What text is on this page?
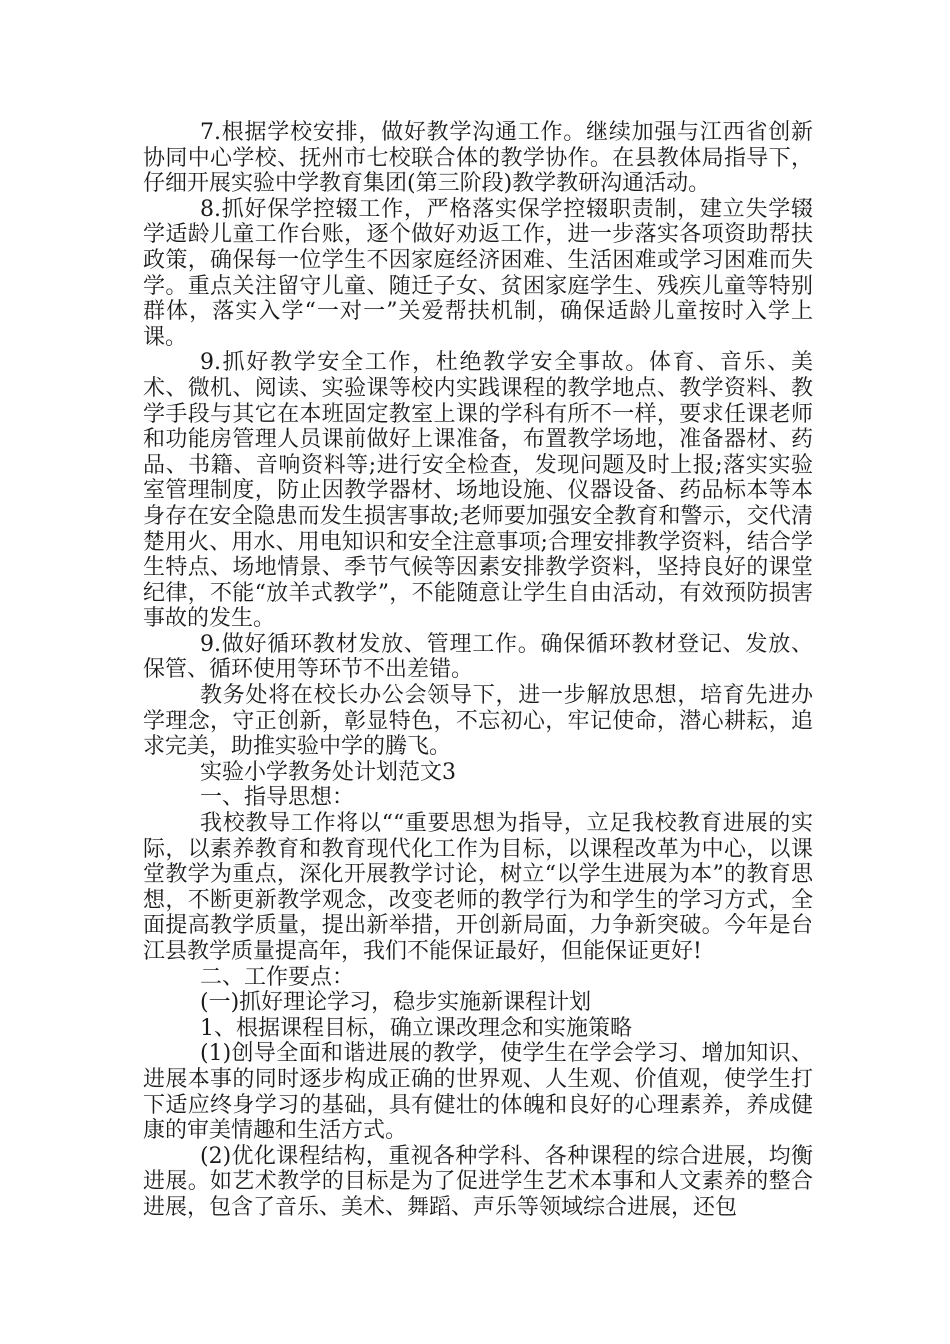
7.根据学校安排，做好教学沟通工作。继续加强与江西省创新协同中心学校、抚州市七校联合体的教学协作。在县教体局指导下，仔细开展实验中学教育集团(第三阶段)教学教研沟通活动。

8.抓好保学控辍工作，严格落实保学控辍职责制，建立失学辍学适龄儿童工作台账，逐个做好劝返工作，进一步落实各项资助帮扶政策，确保每一位学生不因家庭经济困难、生活困难或学习困难而失学。重点关注留守儿童、随迁子女、贫困家庭学生、残疾儿童等特别群体，落实入学“一对一”关爱帮扶机制，确保适龄儿童按时入学上课。

9.抓好教学安全工作，杜绝教学安全事故。体育、音乐、美术、微机、阅读、实验课等校内实践课程的教学地点、教学资料、教学手段与其它在本班固定教室上课的学科有所不一样，要求任课老师和功能房管理人员课前做好上课准备，布置教学场地，准备器材、药品、书籍、音响资料等;进行安全检查，发现问题及时上报;落实实验室管理制度，防止因教学器材、场地设施、仪器设备、药品标本等本身存在安全隐患而发生损害事故;老师要加强安全教育和警示，交代清楚用火、用水、用电知识和安全注意事项;合理安排教学资料，结合学生特点、场地情景、季节气候等因素安排教学资料，坚持良好的课堂纪律，不能“放羊式教学”，不能随意让学生自由活动，有效预防损害事故的发生。

9.做好循环教材发放、管理工作。确保循环教材登记、发放、保管、循环使用等环节不出差错。

教务处将在校长办公会领导下，进一步解放思想，培育先进办学理念，守正创新，彰显特色，不忘初心，牢记使命，潜心耕耘，追求完美，助推实验中学的腾飞。

实验小学教务处计划范文3

一、指导思想：

我校教导工作将以““重要思想为指导，立足我校教育进展的实际，以素养教育和教育现代化工作为目标，以课程改革为中心，以课堂教学为重点，深化开展教学讨论，树立“以学生进展为本”的教育思想，不断更新教学观念，改变老师的教学行为和学生的学习方式，全面提高教学质量，提出新举措，开创新局面，力争新突破。今年是台江县教学质量提高年，我们不能保证最好，但能保证更好!

二、工作要点：

(一)抓好理论学习，稳步实施新课程计划

1、根据课程目标，确立课改理念和实施策略

(1)创导全面和谐进展的教学，使学生在学会学习、增加知识、进展本事的同时逐步构成正确的世界观、人生观、价值观，使学生打下适应终身学习的基础，具有健壮的体魄和良好的心理素养，养成健康的审美情趣和生活方式。

(2)优化课程结构，重视各种学科、各种课程的综合进展，均衡进展。如艺术教学的目标是为了促进学生艺术本事和人文素养的整合进展，包含了音乐、美术、舞蹈、声乐等领域综合进展，还包
